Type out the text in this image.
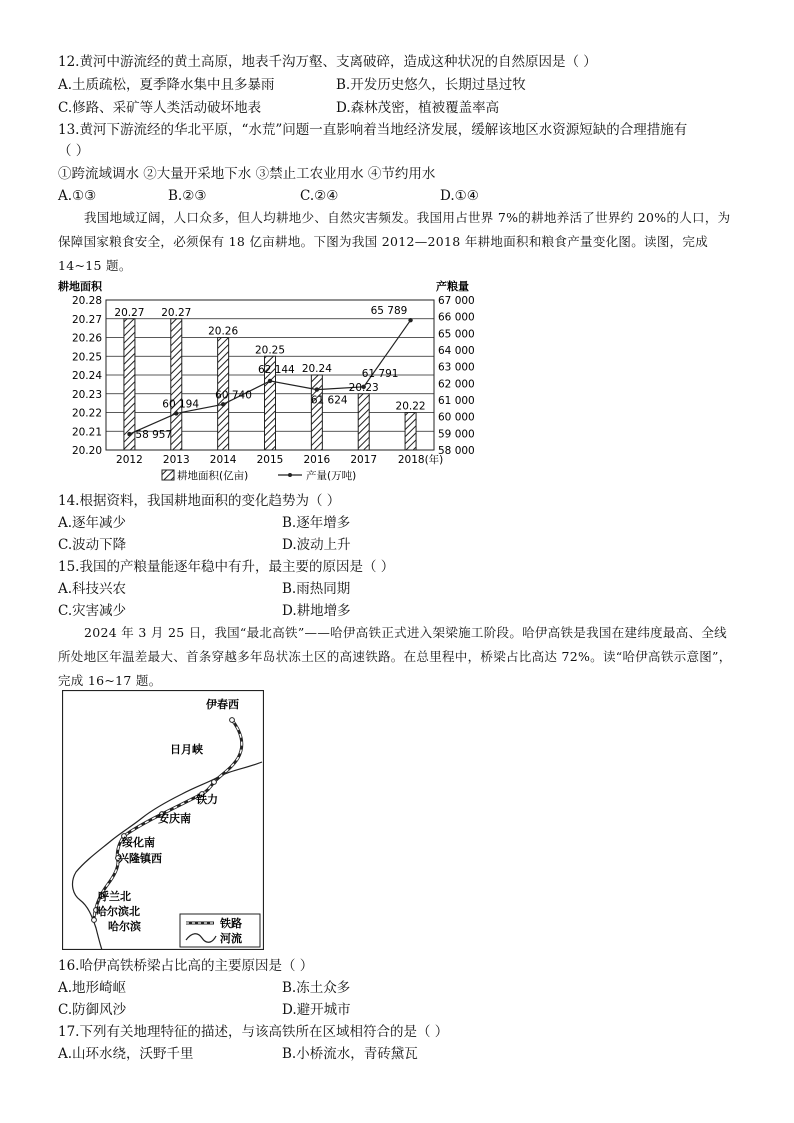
12.黄河中游流经的黄土高原，地表千沟万壑、支离破碎，造成这种状况的自然原因是（ ）
A.土质疏松，夏季降水集中且多暴雨	B.开发历史悠久，长期过垦过牧
C.修路、采矿等人类活动破坏地表	D.森林茂密，植被覆盖率高
13.黄河下游流经的华北平原，“水荒”问题一直影响着当地经济发展，缓解该地区水资源短缺的合理措施有
（ ）
①跨流域调水 ②大量开采地下水 ③禁止工农业用水 ④节约用水
A.①③	B.②③	C.②④	D.①④
我国地域辽阔，人口众多，但人均耕地少、自然灾害频发。我国用占世界 7%的耕地养活了世界约 20%的人口，为保障国家粮食安全，必须保有 18 亿亩耕地。下图为我国 2012—2018 年耕地面积和粮食产量变化图。读图，完成 14~15 题。
耕地面积	产粮量
20.28
20.27
20.26
20.25
20.24
20.23
20.22
20.21
20.20
67 000
66 000
65 000
64 000
63 000
62 000
61 000
60 000
59 000
58 000
20.27
2012
20.27
2013
20.26
2014
20.25
2015
20.24
2016
20.23
2017
20.22
2018(年)
58 957
60 194
60 740
62 144
61 624
61 791
65 789
耕地面积(亿亩)	产量(万吨)
14.根据资料，我国耕地面积的变化趋势为（ ）
A.逐年减少	B.逐年增多
C.波动下降	D.波动上升
15.我国的产粮量能逐年稳中有升，最主要的原因是（ ）
A.科技兴农	B.雨热同期
C.灾害减少	D.耕地增多
2024 年 3 月 25 日，我国“最北高铁”——哈伊高铁正式进入架梁施工阶段。哈伊高铁是我国在建纬度最高、全线所处地区年温差最大、首条穿越多年岛状冻土区的高速铁路。在总里程中，桥梁占比高达 72%。读“哈伊高铁示意图”，完成 16~17 题。
伊春西
日月峡
铁力
安庆南
绥化南
兴隆镇西
呼兰北
哈尔滨北
哈尔滨	铁路
河流
16.哈伊高铁桥梁占比高的主要原因是（ ）
A.地形崎岖	B.冻土众多
C.防御风沙	D.避开城市
17.下列有关地理特征的描述，与该高铁所在区域相符合的是（ ）
A.山环水绕，沃野千里	B.小桥流水，青砖黛瓦
